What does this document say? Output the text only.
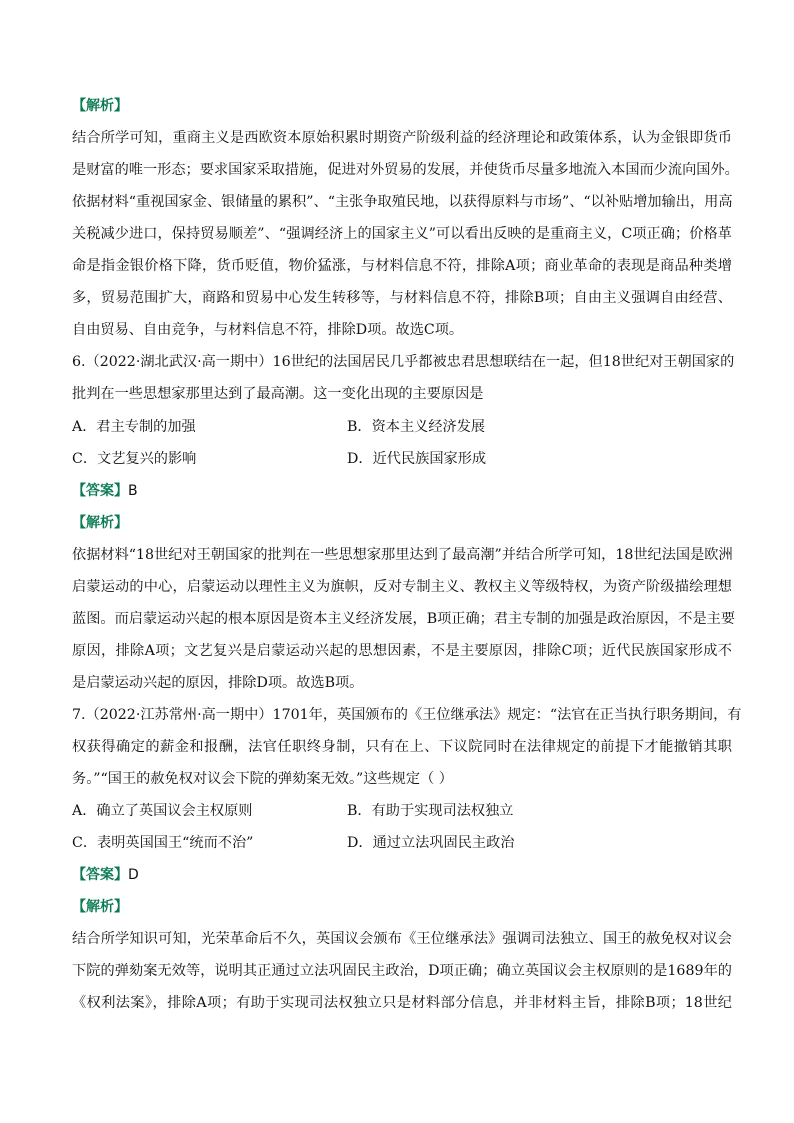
【解析】
结合所学可知，重商主义是西欧资本原始积累时期资产阶级利益的经济理论和政策体系，认为金银即货币
是财富的唯一形态；要求国家采取措施，促进对外贸易的发展，并使货币尽量多地流入本国而少流向国外。
依据材料“重视国家金、银储量的累积”、“主张争取殖民地，以获得原料与市场”、“以补贴增加输出，用高
关税减少进口，保持贸易顺差”、“强调经济上的国家主义”可以看出反映的是重商主义，C项正确；价格革
命是指金银价格下降，货币贬值，物价猛涨，与材料信息不符，排除A项；商业革命的表现是商品种类增
多，贸易范围扩大，商路和贸易中心发生转移等，与材料信息不符，排除B项；自由主义强调自由经营、
自由贸易、自由竞争，与材料信息不符，排除D项。故选C项。
6.（2022·湖北武汉·高一期中）16世纪的法国居民几乎都被忠君思想联结在一起，但18世纪对王朝国家的
批判在一些思想家那里达到了最高潮。这一变化出现的主要原因是
A．君主专制的加强	B．资本主义经济发展
C．文艺复兴的影响	D．近代民族国家形成
【答案】B
【解析】
依据材料“18世纪对王朝国家的批判在一些思想家那里达到了最高潮”并结合所学可知，18世纪法国是欧洲
启蒙运动的中心，启蒙运动以理性主义为旗帜，反对专制主义、教权主义等级特权，为资产阶级描绘理想
蓝图。而启蒙运动兴起的根本原因是资本主义经济发展，B项正确；君主专制的加强是政治原因，不是主要
原因，排除A项；文艺复兴是启蒙运动兴起的思想因素，不是主要原因，排除C项；近代民族国家形成不
是启蒙运动兴起的原因，排除D项。故选B项。
7.（2022·江苏常州·高一期中）1701年，英国颁布的《王位继承法》规定：“法官在正当执行职务期间，有
权获得确定的薪金和报酬，法官任职终身制，只有在上、下议院同时在法律规定的前提下才能撤销其职
务。”“国王的赦免权对议会下院的弹劾案无效。”这些规定（ ）
A．确立了英国议会主权原则	B．有助于实现司法权独立
C．表明英国国王“统而不治”	D．通过立法巩固民主政治
【答案】D
【解析】
结合所学知识可知，光荣革命后不久，英国议会颁布《王位继承法》强调司法独立、国王的赦免权对议会
下院的弹劾案无效等，说明其正通过立法巩固民主政治，D项正确；确立英国议会主权原则的是1689年的
《权利法案》，排除A项；有助于实现司法权独立只是材料部分信息，并非材料主旨，排除B项；18世纪
